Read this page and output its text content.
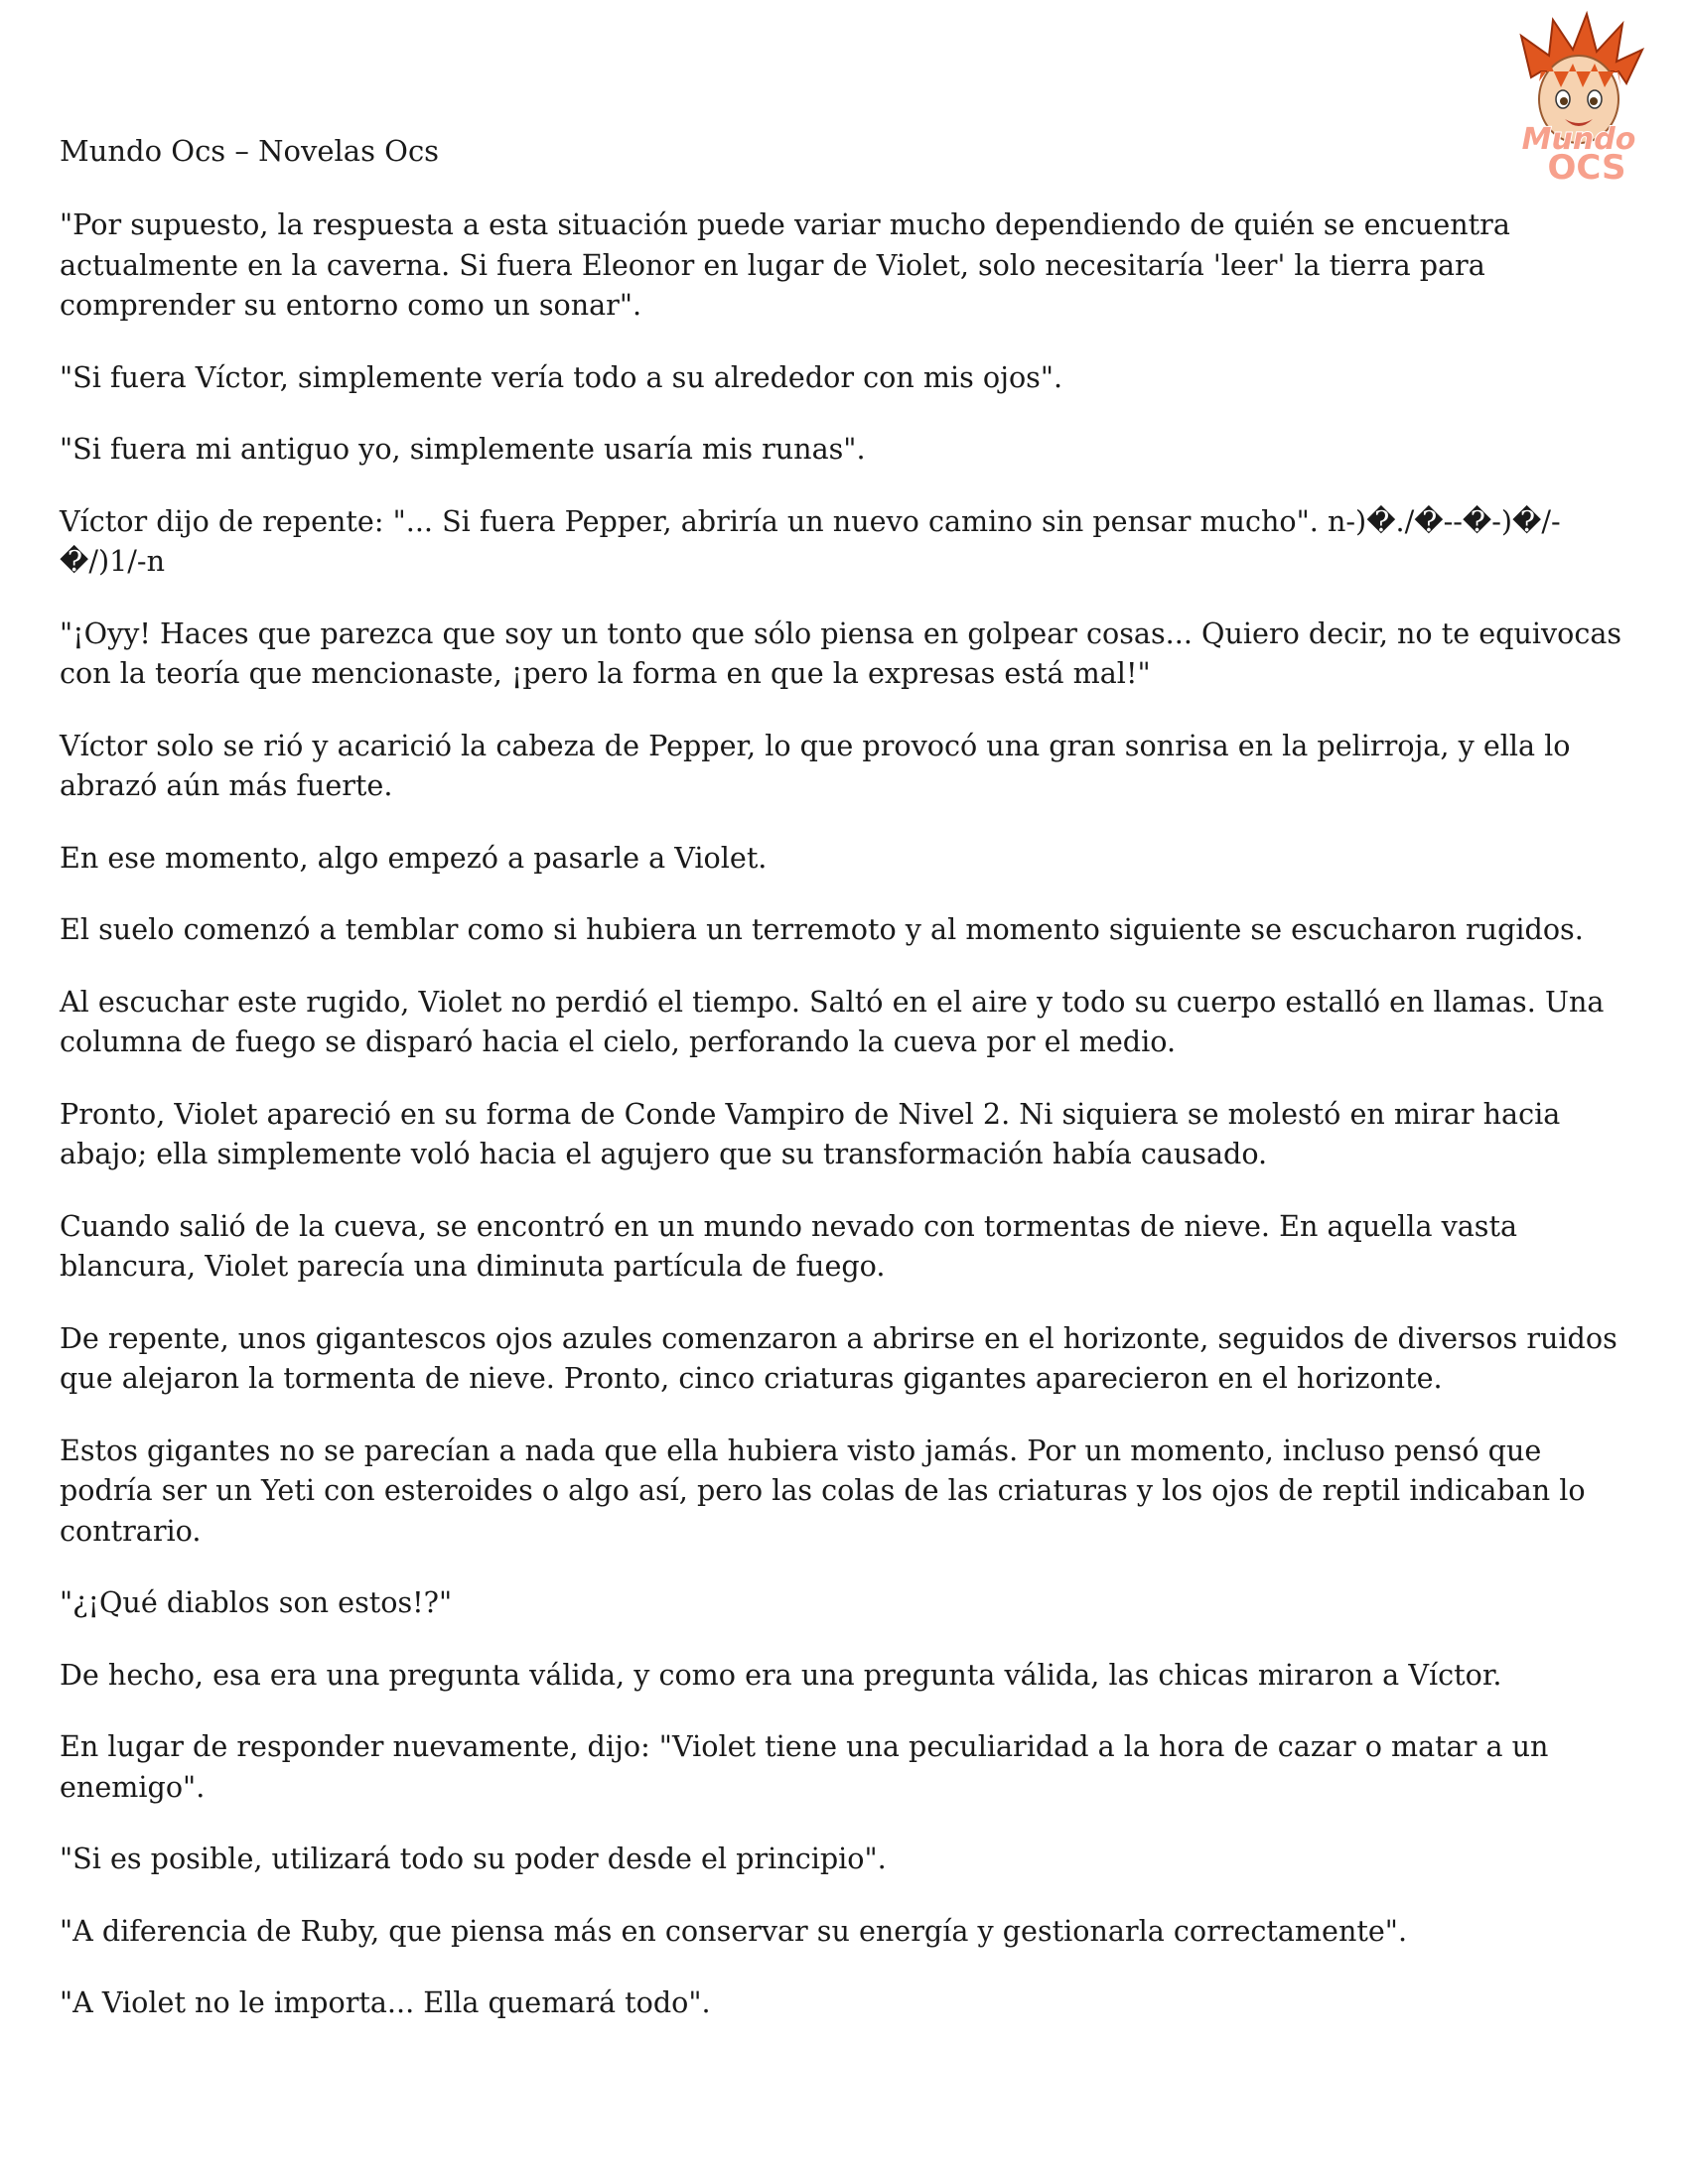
Mundo Ocs – Novelas Ocs	Mundo
OCS

"Por supuesto, la respuesta a esta situación puede variar mucho dependiendo de quién se encuentra actualmente en la caverna. Si fuera Eleonor en lugar de Violet, solo necesitaría 'leer' la tierra para comprender su entorno como un sonar".

"Si fuera Víctor, simplemente vería todo a su alrededor con mis ojos".

"Si fuera mi antiguo yo, simplemente usaría mis runas".

Víctor dijo de repente: "... Si fuera Pepper, abriría un nuevo camino sin pensar mucho". n-)�./�--�-)�/-�/)1/-n

"¡Oyy! Haces que parezca que soy un tonto que sólo piensa en golpear cosas... Quiero decir, no te equivocas con la teoría que mencionaste, ¡pero la forma en que la expresas está mal!"

Víctor solo se rió y acarició la cabeza de Pepper, lo que provocó una gran sonrisa en la pelirroja, y ella lo abrazó aún más fuerte.

En ese momento, algo empezó a pasarle a Violet.

El suelo comenzó a temblar como si hubiera un terremoto y al momento siguiente se escucharon rugidos.

Al escuchar este rugido, Violet no perdió el tiempo. Saltó en el aire y todo su cuerpo estalló en llamas. Una columna de fuego se disparó hacia el cielo, perforando la cueva por el medio.

Pronto, Violet apareció en su forma de Conde Vampiro de Nivel 2. Ni siquiera se molestó en mirar hacia abajo; ella simplemente voló hacia el agujero que su transformación había causado.

Cuando salió de la cueva, se encontró en un mundo nevado con tormentas de nieve. En aquella vasta blancura, Violet parecía una diminuta partícula de fuego.

De repente, unos gigantescos ojos azules comenzaron a abrirse en el horizonte, seguidos de diversos ruidos que alejaron la tormenta de nieve. Pronto, cinco criaturas gigantes aparecieron en el horizonte.

Estos gigantes no se parecían a nada que ella hubiera visto jamás. Por un momento, incluso pensó que podría ser un Yeti con esteroides o algo así, pero las colas de las criaturas y los ojos de reptil indicaban lo contrario.

"¿¡Qué diablos son estos!?"

De hecho, esa era una pregunta válida, y como era una pregunta válida, las chicas miraron a Víctor.

En lugar de responder nuevamente, dijo: "Violet tiene una peculiaridad a la hora de cazar o matar a un enemigo".

"Si es posible, utilizará todo su poder desde el principio".

"A diferencia de Ruby, que piensa más en conservar su energía y gestionarla correctamente".

"A Violet no le importa... Ella quemará todo".
